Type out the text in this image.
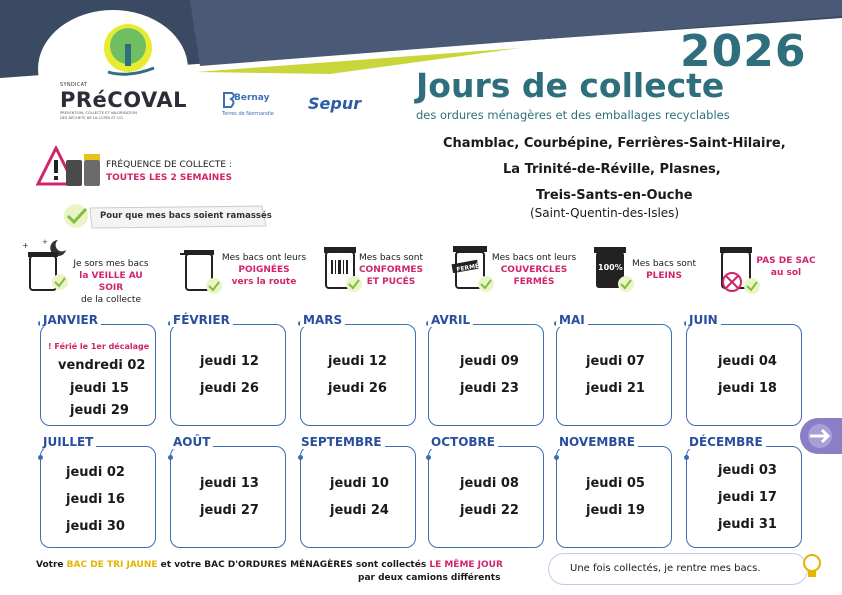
SYNDICAT
PRéCOVAL
PRÉVENTION, COLLECTE ET VALORISATION
DES DÉCHETS DE LA CCPSS ET CCI
Bernay
Terres de Normandie
Sepur
2026
Jours de collecte
des ordures ménagères et des emballages recyclables
Chamblac, Courbépine, Ferrières-Saint-Hilaire,
La Trinité-de-Réville, Plasnes,
Treis-Sants-en-Ouche
(Saint-Quentin-des-Isles)
FRÉQUENCE DE COLLECTE :
TOUTES LES 2 SEMAINES
Pour que mes bacs soient ramassés
+ +
Je sors mes bacs
la VEILLE AU SOIR
de la collecte
Mes bacs ont leurs
POIGNÉES
vers la route
Mes bacs sont
CONFORMES
ET PUCÉS
FERMÉ
Mes bacs ont leurs
COUVERCLES
FERMÉS
100%	Mes bacs sont
PLEINS
PAS DE SAC
au sol
JANVIER
! Férié le 1er décalage
vendredi 02
jeudi 15
jeudi 29
FÉVRIER
jeudi 12
jeudi 26
MARS
jeudi 12
jeudi 26
AVRIL
jeudi 09
jeudi 23
MAI
jeudi 07
jeudi 21
JUIN
jeudi 04
jeudi 18
JUILLET
jeudi 02
jeudi 16
jeudi 30
AOÛT
jeudi 13
jeudi 27
SEPTEMBRE
jeudi 10
jeudi 24
OCTOBRE
jeudi 08
jeudi 22
NOVEMBRE
jeudi 05
jeudi 19
DÉCEMBRE
jeudi 03
jeudi 17
jeudi 31
Votre BAC DE TRI JAUNE et votre BAC D'ORDURES MÉNAGÈRES sont collectés LE MÊME JOUR
par deux camions différents
Une fois collectés, je rentre mes bacs.
